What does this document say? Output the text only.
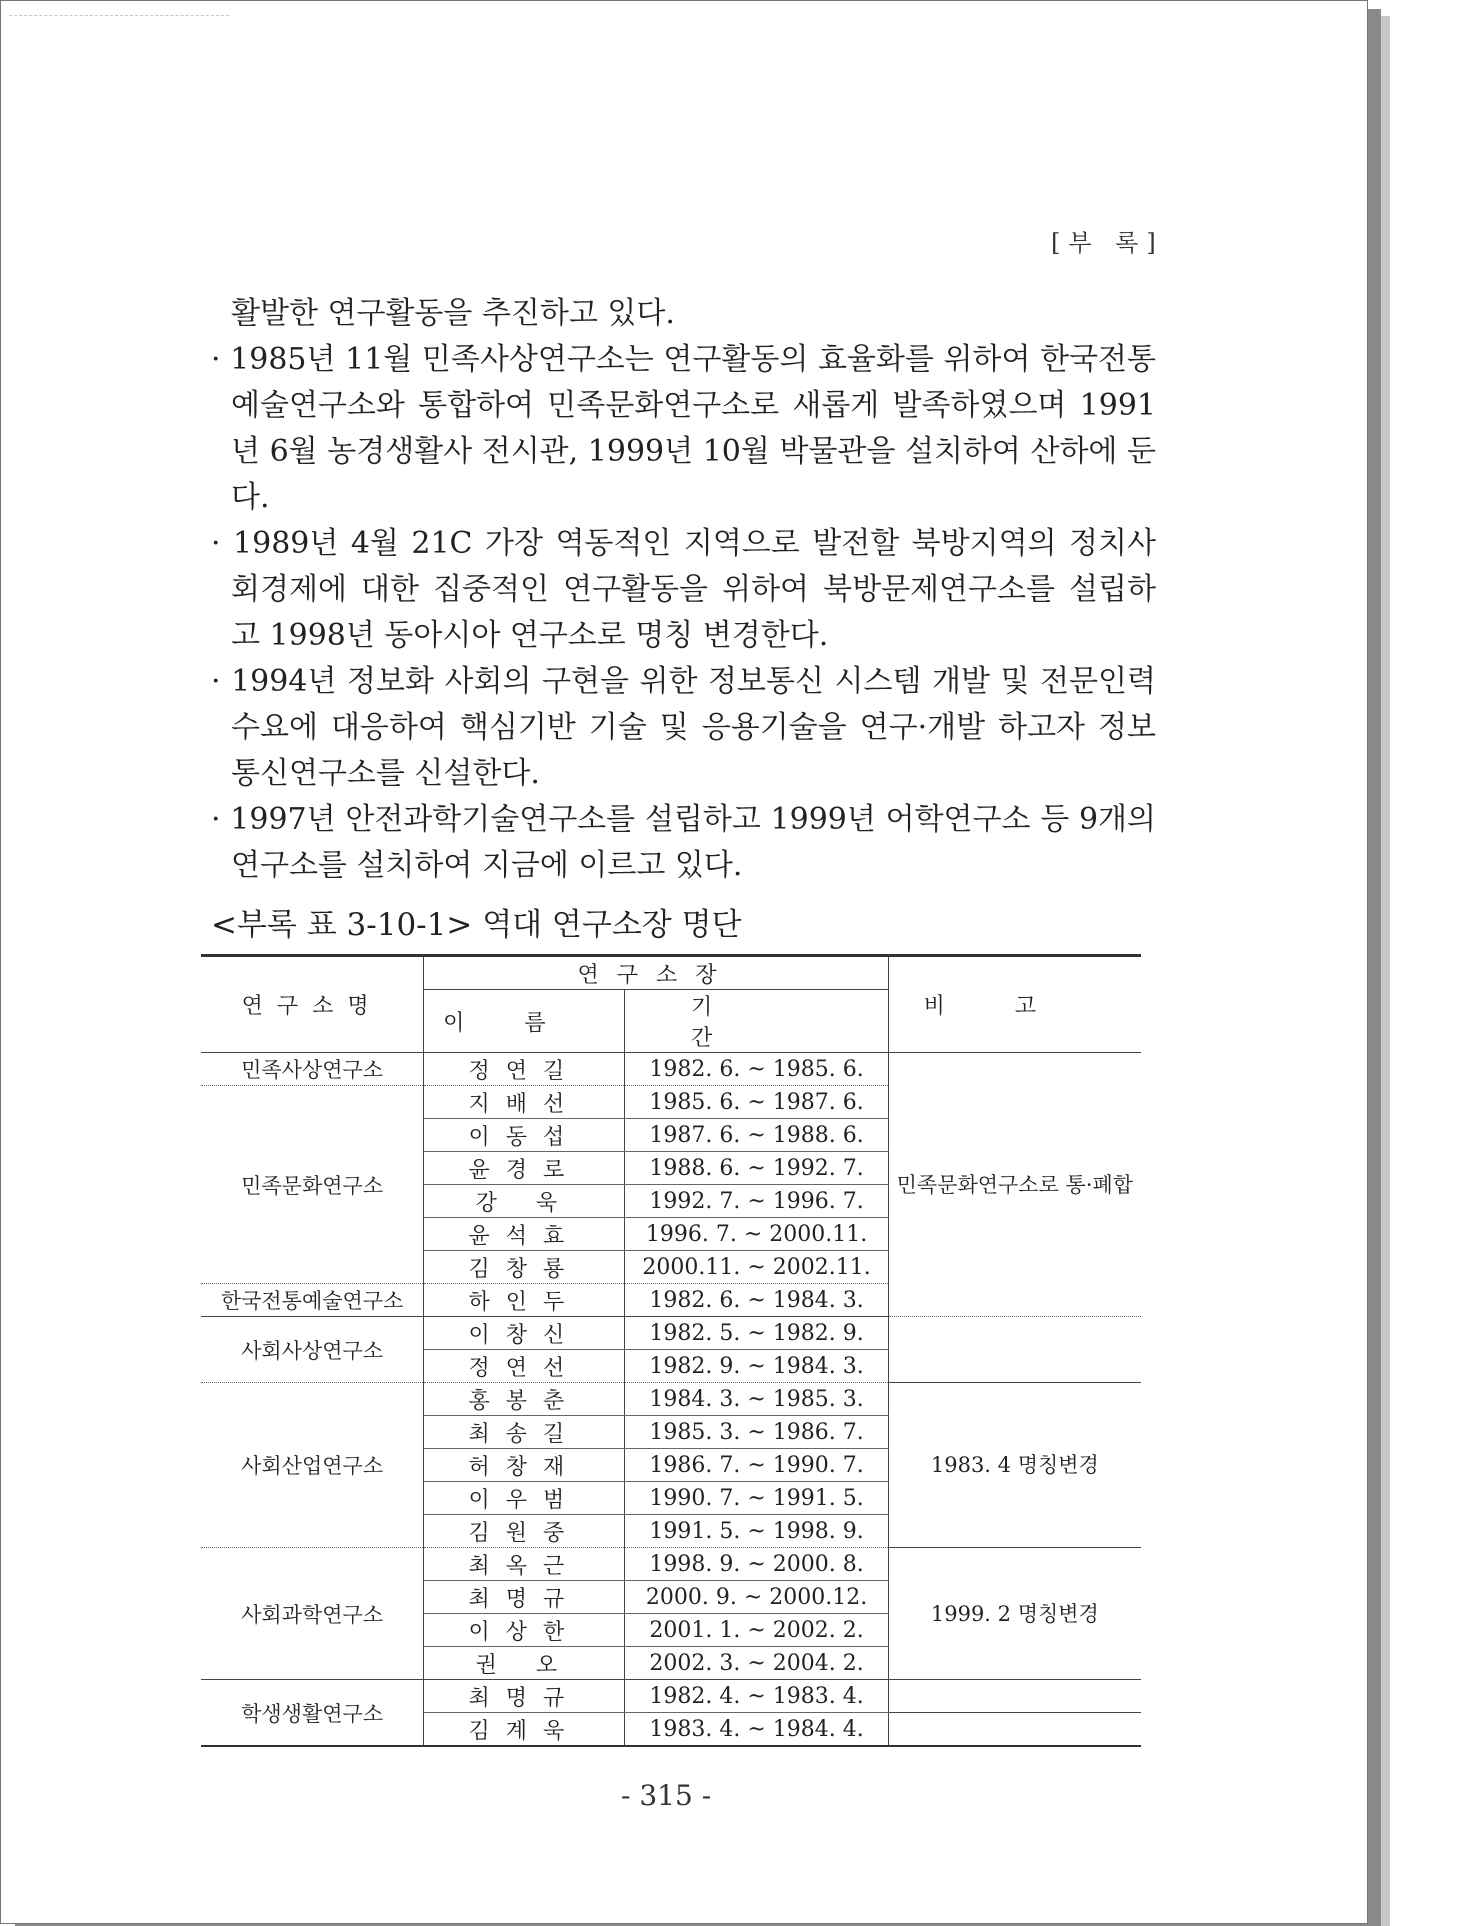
[부 록]
활발한 연구활동을 추진하고 있다.
· 1985년 11월 민족사상연구소는 연구활동의 효율화를 위하여 한국전통예술연구소와 통합하여 민족문화연구소로 새롭게 발족하였으며 1991년 6월 농경생활사 전시관, 1999년 10월 박물관을 설치하여 산하에 둔다.
· 1989년 4월 21C 가장 역동적인 지역으로 발전할 북방지역의 정치사회경제에 대한 집중적인 연구활동을 위하여 북방문제연구소를 설립하고 1998년 동아시아 연구소로 명칭 변경한다.
· 1994년 정보화 사회의 구현을 위한 정보통신 시스템 개발 및 전문인력수요에 대응하여 핵심기반 기술 및 응용기술을 연구·개발 하고자 정보통신연구소를 신설한다.
· 1997년 안전과학기술연구소를 설립하고 1999년 어학연구소 등 9개의 연구소를 설치하여 지금에 이르고 있다.
<부록 표 3-10-1> 역대 연구소장 명단
연구소명	연구소장		비고
	이름	기간	
민족사상연구소	정연길	1982. 6. ~ 1985. 6.	민족문화연구소로 통·폐합
민족문화연구소	지배선	1985. 6. ~ 1987. 6.	
	이동섭	1987. 6. ~ 1988. 6.	
	윤경로	1988. 6. ~ 1992. 7.	
	강 욱	1992. 7. ~ 1996. 7.	
	윤석효	1996. 7. ~ 2000.11.	
	김창룡	2000.11. ~ 2002.11.	
한국전통예술연구소	하인두	1982. 6. ~ 1984. 3.	
사회사상연구소	이창신	1982. 5. ~ 1982. 9.	
	정연선	1982. 9. ~ 1984. 3.	
사회산업연구소	홍봉춘	1984. 3. ~ 1985. 3.	1983. 4 명칭변경
	최송길	1985. 3. ~ 1986. 7.	
	허창재	1986. 7. ~ 1990. 7.	
	이우범	1990. 7. ~ 1991. 5.	
	김원중	1991. 5. ~ 1998. 9.	
사회과학연구소	최옥근	1998. 9. ~ 2000. 8.	1999. 2 명칭변경
	최명규	2000. 9. ~ 2000.12.	
	이상한	2001. 1. ~ 2002. 2.	
	권 오	2002. 3. ~ 2004. 2.	
학생생활연구소	최명규	1982. 4. ~ 1983. 4.	
	김계욱	1983. 4. ~ 1984. 4.	
- 315 -
